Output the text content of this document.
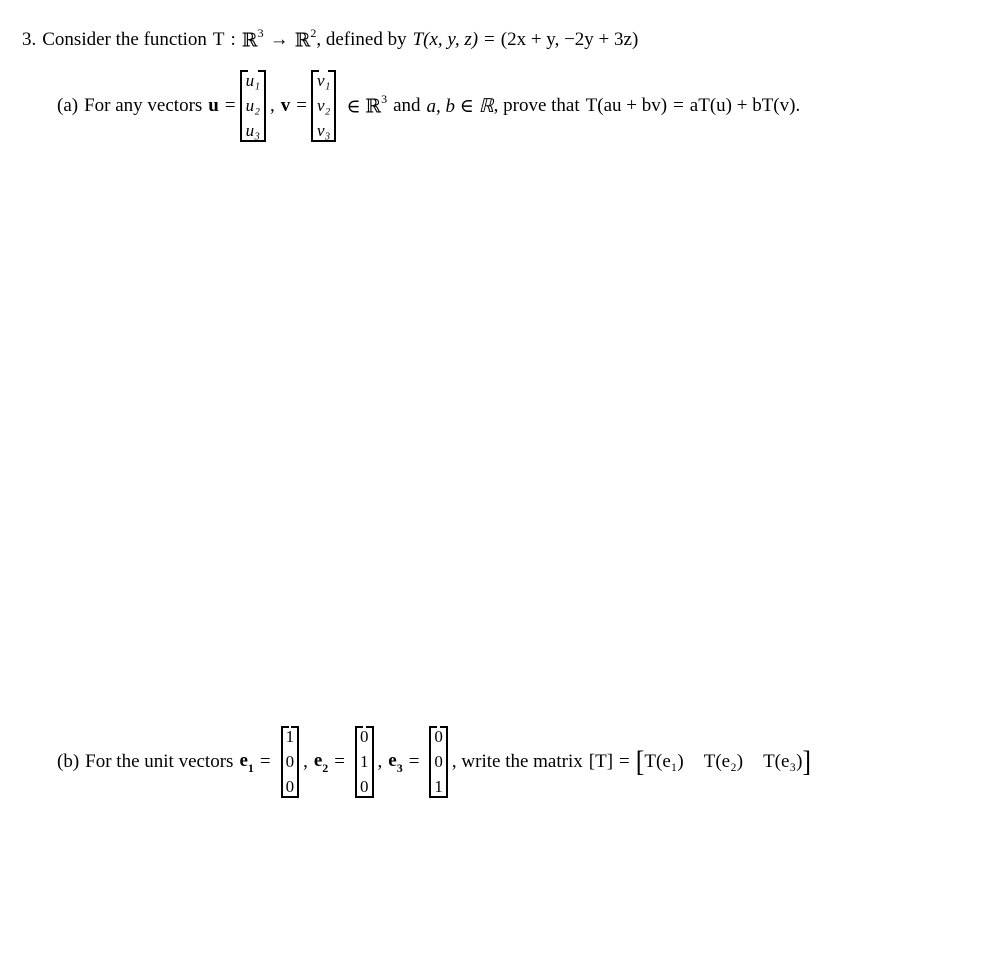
3. Consider the function T : ℝ$^3$ → ℝ$^2$ , defined by T(x, y, z) = (2x + y, −2y + 3z)
(a) For any vectors u =
u₁
u₂
u₃
, v =
v₁
v₂
v₃
∈ ℝ$^3$ and a, b ∈ ℝ , prove that T(au + bv) = aT(u) + bT(v).
(b) For the unit vectors $e_1$ =
1
0
0
, $e_2$ =
0
1
0
, $e_3$ =
0
0
1
, write the matrix [T] = [ T(e₁) T(e₂) T(e₃) ]
